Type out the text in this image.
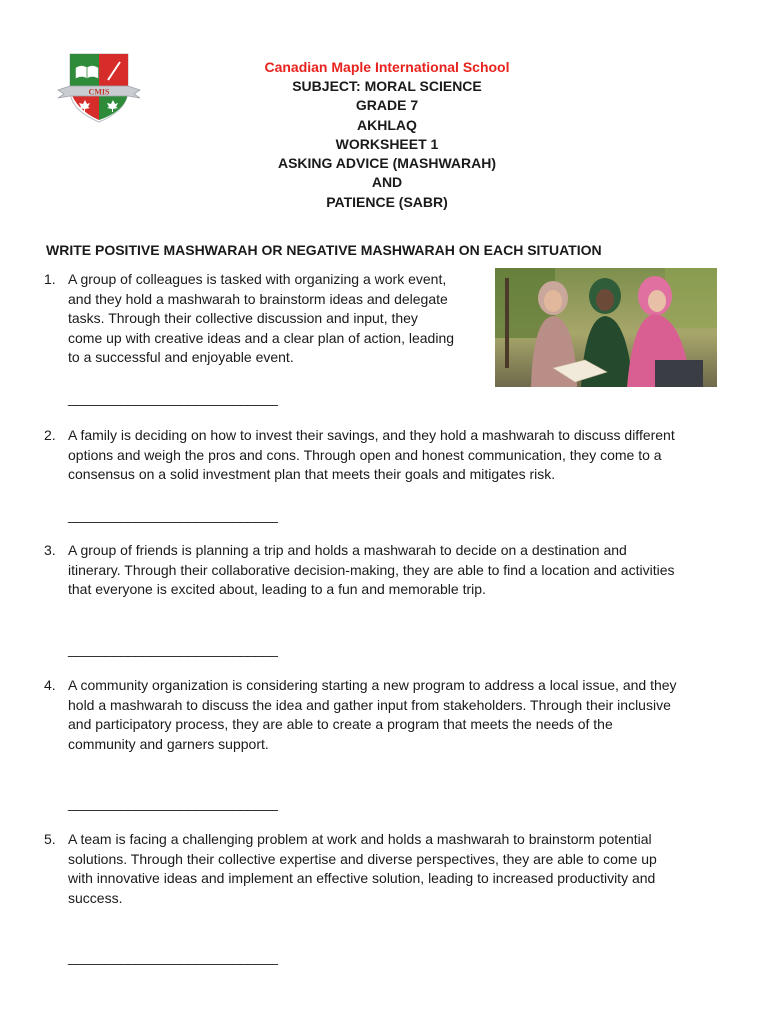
CMIS
Canadian Maple International School
SUBJECT: MORAL SCIENCE
GRADE 7
AKHLAQ
WORKSHEET 1
ASKING ADVICE (MASHWARAH)
AND
PATIENCE (SABR)
WRITE POSITIVE MASHWARAH OR NEGATIVE MASHWARAH ON EACH SITUATION
1. A group of colleagues is tasked with organizing a work event,
and they hold a mashwarah to brainstorm ideas and delegate
tasks. Through their collective discussion and input, they
come up with creative ideas and a clear plan of action, leading
to a successful and enjoyable event.
____________________________
2. A family is deciding on how to invest their savings, and they hold a mashwarah to discuss different
options and weigh the pros and cons. Through open and honest communication, they come to a
consensus on a solid investment plan that meets their goals and mitigates risk.
____________________________
3. A group of friends is planning a trip and holds a mashwarah to decide on a destination and
itinerary. Through their collaborative decision-making, they are able to find a location and activities
that everyone is excited about, leading to a fun and memorable trip.
____________________________
4. A community organization is considering starting a new program to address a local issue, and they
hold a mashwarah to discuss the idea and gather input from stakeholders. Through their inclusive
and participatory process, they are able to create a program that meets the needs of the
community and garners support.
____________________________
5. A team is facing a challenging problem at work and holds a mashwarah to brainstorm potential
solutions. Through their collective expertise and diverse perspectives, they are able to come up
with innovative ideas and implement an effective solution, leading to increased productivity and
success.
____________________________
